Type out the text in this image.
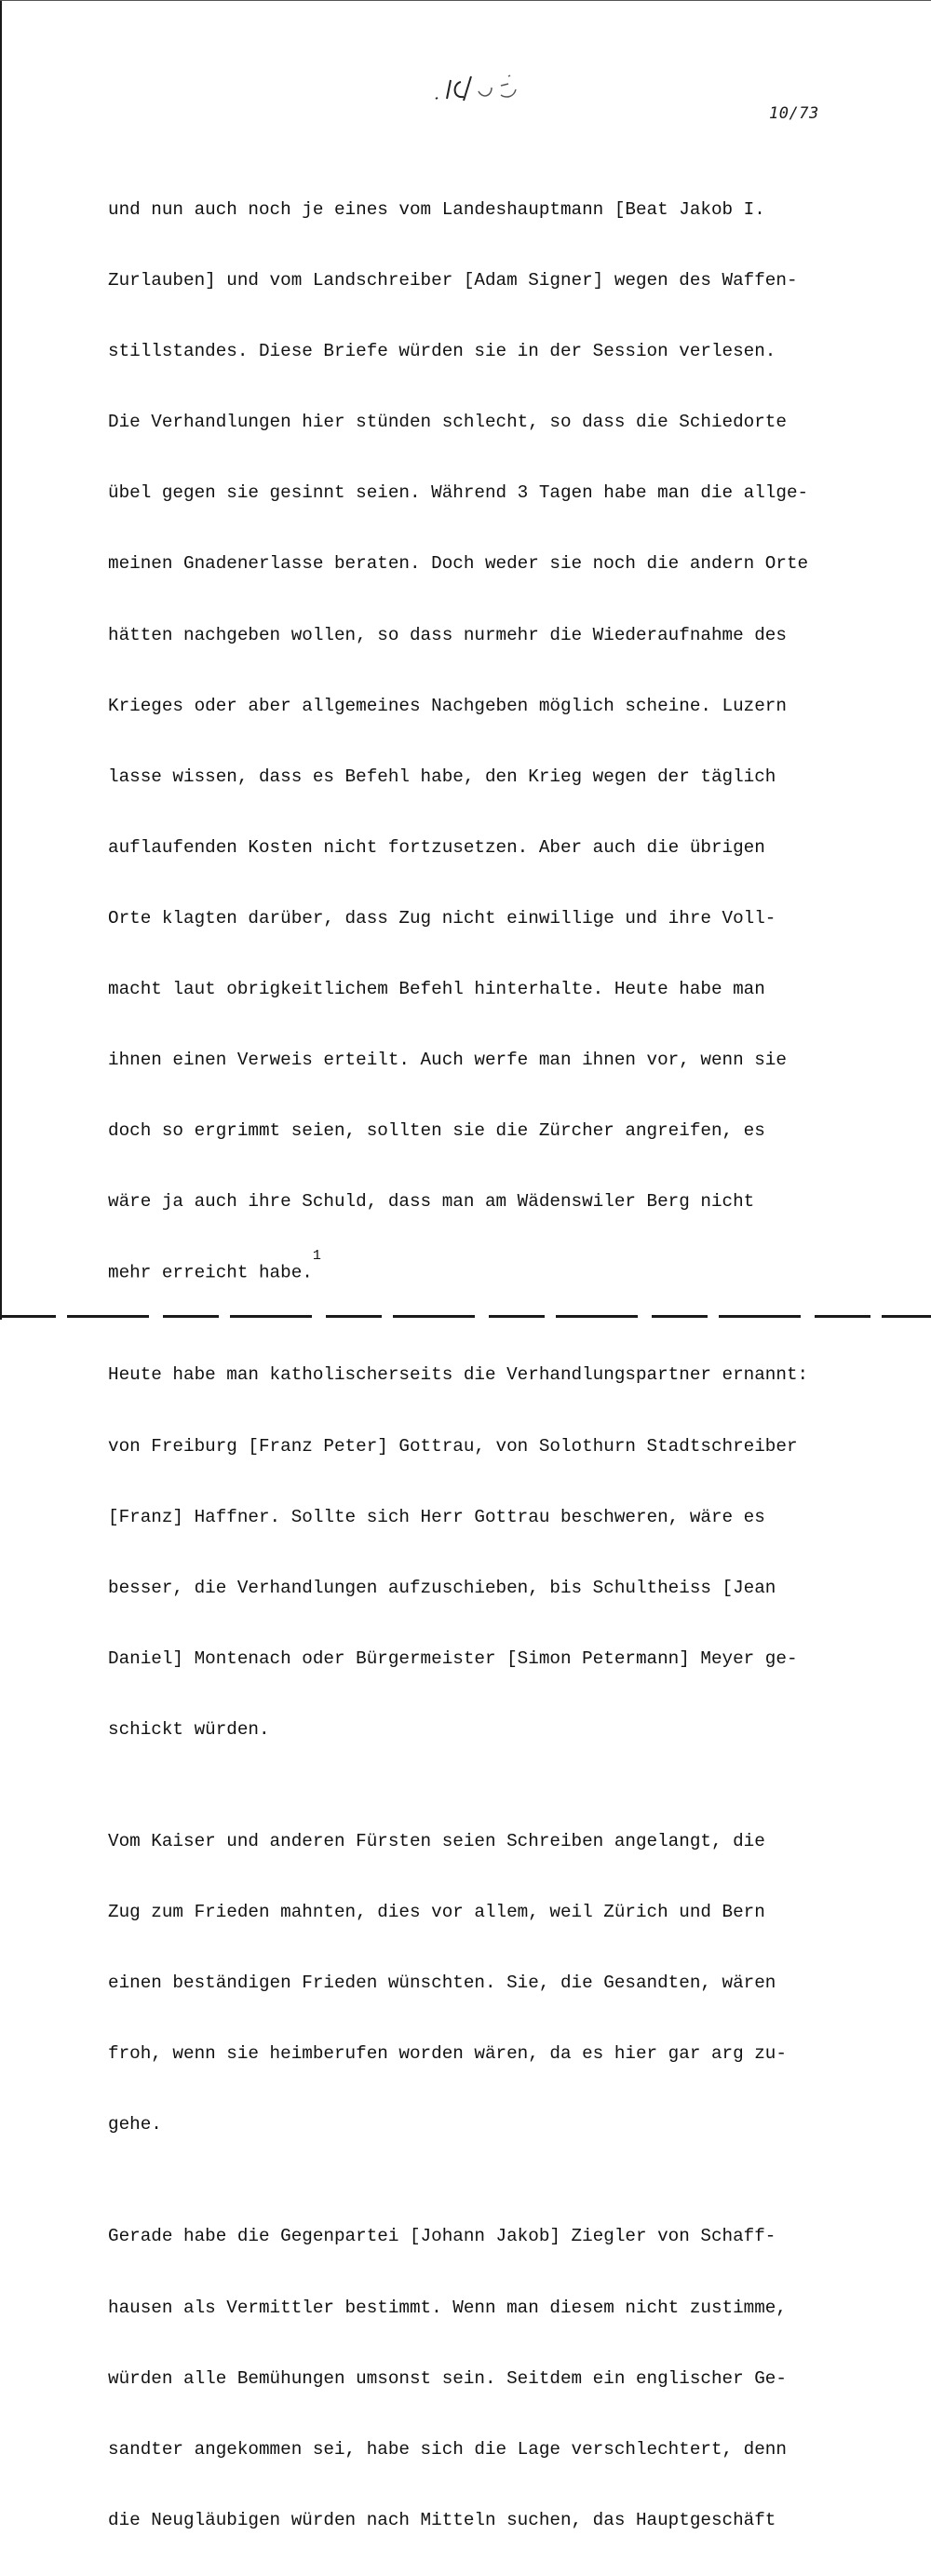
10/73

und nun auch noch je eines vom Landeshauptmann [Beat Jakob I.

Zurlauben] und vom Landschreiber [Adam Signer] wegen des Waffen-

stillstandes. Diese Briefe würden sie in der Session verlesen.

Die Verhandlungen hier stünden schlecht, so dass die Schiedorte

übel gegen sie gesinnt seien. Während 3 Tagen habe man die allge-

meinen Gnadenerlasse beraten. Doch weder sie noch die andern Orte

hätten nachgeben wollen, so dass nurmehr die Wiederaufnahme des

Krieges oder aber allgemeines Nachgeben möglich scheine. Luzern

lasse wissen, dass es Befehl habe, den Krieg wegen der täglich

auflaufenden Kosten nicht fortzusetzen. Aber auch die übrigen

Orte klagten darüber, dass Zug nicht einwillige und ihre Voll-

macht laut obrigkeitlichem Befehl hinterhalte. Heute habe man

ihnen einen Verweis erteilt. Auch werfe man ihnen vor, wenn sie

doch so ergrimmt seien, sollten sie die Zürcher angreifen, es

wäre ja auch ihre Schuld, dass man am Wädenswiler Berg nicht

mehr erreicht habe.$^1$

Heute habe man katholischerseits die Verhandlungspartner ernannt:

von Freiburg [Franz Peter] Gottrau, von Solothurn Stadtschreiber

[Franz] Haffner. Sollte sich Herr Gottrau beschweren, wäre es

besser, die Verhandlungen aufzuschieben, bis Schultheiss [Jean

Daniel] Montenach oder Bürgermeister [Simon Petermann] Meyer ge-

schickt würden.

Vom Kaiser und anderen Fürsten seien Schreiben angelangt, die

Zug zum Frieden mahnten, dies vor allem, weil Zürich und Bern

einen beständigen Frieden wünschten. Sie, die Gesandten, wären

froh, wenn sie heimberufen worden wären, da es hier gar arg zu-

gehe.

Gerade habe die Gegenpartei [Johann Jakob] Ziegler von Schaff-

hausen als Vermittler bestimmt. Wenn man diesem nicht zustimme,

würden alle Bemühungen umsonst sein. Seitdem ein englischer Ge-

sandter angekommen sei, habe sich die Lage verschlechtert, denn

die Neugläubigen würden nach Mitteln suchen, das Hauptgeschäft
